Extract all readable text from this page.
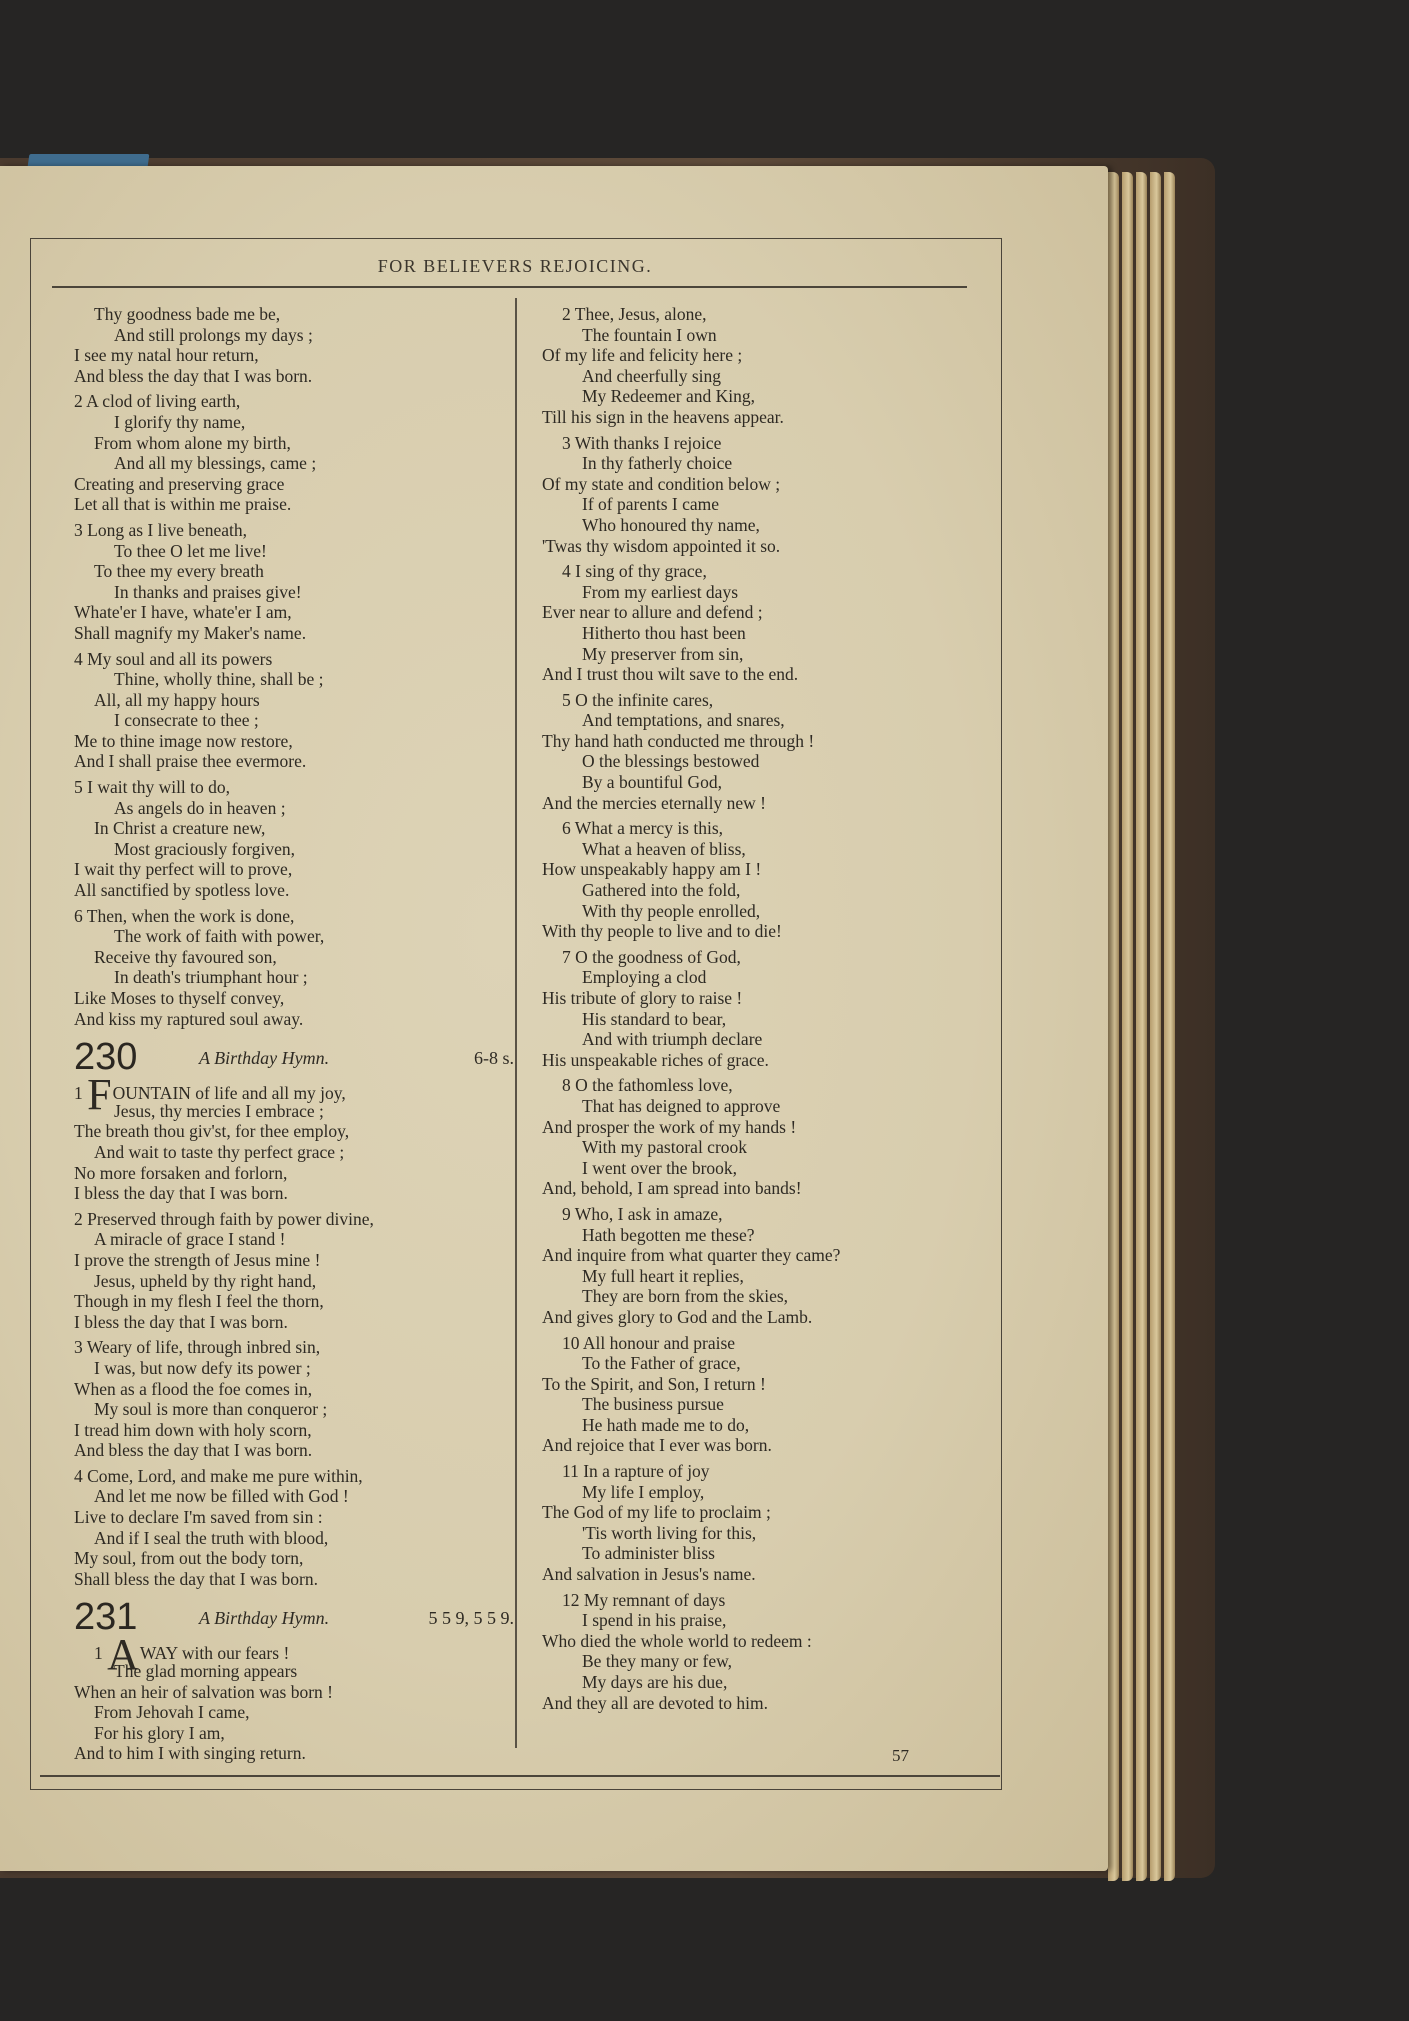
FOR BELIEVERS REJOICING.
Thy goodness bade me be,
And still prolongs my days ;
I see my natal hour return,
And bless the day that I was born.
2 A clod of living earth,
I glorify thy name,
From whom alone my birth,
And all my blessings, came ;
Creating and preserving grace
Let all that is within me praise.
3 Long as I live beneath,
To thee O let me live!
To thee my every breath
In thanks and praises give!
Whate'er I have, whate'er I am,
Shall magnify my Maker's name.
4 My soul and all its powers
Thine, wholly thine, shall be ;
All, all my happy hours
I consecrate to thee ;
Me to thine image now restore,
And I shall praise thee evermore.
5 I wait thy will to do,
As angels do in heaven ;
In Christ a creature new,
Most graciously forgiven,
I wait thy perfect will to prove,
All sanctified by spotless love.
6 Then, when the work is done,
The work of faith with power,
Receive thy favoured son,
In death's triumphant hour ;
Like Moses to thyself convey,
And kiss my raptured soul away.
230	A Birthday Hymn.	6-8 s.
1 FOUNTAIN of life and all my joy,
Jesus, thy mercies I embrace ;
The breath thou giv'st, for thee employ,
And wait to taste thy perfect grace ;
No more forsaken and forlorn,
I bless the day that I was born.
2 Preserved through faith by power divine,
A miracle of grace I stand !
I prove the strength of Jesus mine !
Jesus, upheld by thy right hand,
Though in my flesh I feel the thorn,
I bless the day that I was born.
3 Weary of life, through inbred sin,
I was, but now defy its power ;
When as a flood the foe comes in,
My soul is more than conqueror ;
I tread him down with holy scorn,
And bless the day that I was born.
4 Come, Lord, and make me pure within,
And let me now be filled with God !
Live to declare I'm saved from sin :
And if I seal the truth with blood,
My soul, from out the body torn,
Shall bless the day that I was born.
231	A Birthday Hymn.	5 5 9, 5 5 9.
1 AWAY with our fears !
The glad morning appears
When an heir of salvation was born !
From Jehovah I came,
For his glory I am,
And to him I with singing return.
2 Thee, Jesus, alone,
The fountain I own
Of my life and felicity here ;
And cheerfully sing
My Redeemer and King,
Till his sign in the heavens appear.
3 With thanks I rejoice
In thy fatherly choice
Of my state and condition below ;
If of parents I came
Who honoured thy name,
'Twas thy wisdom appointed it so.
4 I sing of thy grace,
From my earliest days
Ever near to allure and defend ;
Hitherto thou hast been
My preserver from sin,
And I trust thou wilt save to the end.
5 O the infinite cares,
And temptations, and snares,
Thy hand hath conducted me through !
O the blessings bestowed
By a bountiful God,
And the mercies eternally new !
6 What a mercy is this,
What a heaven of bliss,
How unspeakably happy am I !
Gathered into the fold,
With thy people enrolled,
With thy people to live and to die!
7 O the goodness of God,
Employing a clod
His tribute of glory to raise !
His standard to bear,
And with triumph declare
His unspeakable riches of grace.
8 O the fathomless love,
That has deigned to approve
And prosper the work of my hands !
With my pastoral crook
I went over the brook,
And, behold, I am spread into bands!
9 Who, I ask in amaze,
Hath begotten me these?
And inquire from what quarter they came?
My full heart it replies,
They are born from the skies,
And gives glory to God and the Lamb.
10 All honour and praise
To the Father of grace,
To the Spirit, and Son, I return !
The business pursue
He hath made me to do,
And rejoice that I ever was born.
11 In a rapture of joy
My life I employ,
The God of my life to proclaim ;
'Tis worth living for this,
To administer bliss
And salvation in Jesus's name.
12 My remnant of days
I spend in his praise,
Who died the whole world to redeem :
Be they many or few,
My days are his due,
And they all are devoted to him.
57
